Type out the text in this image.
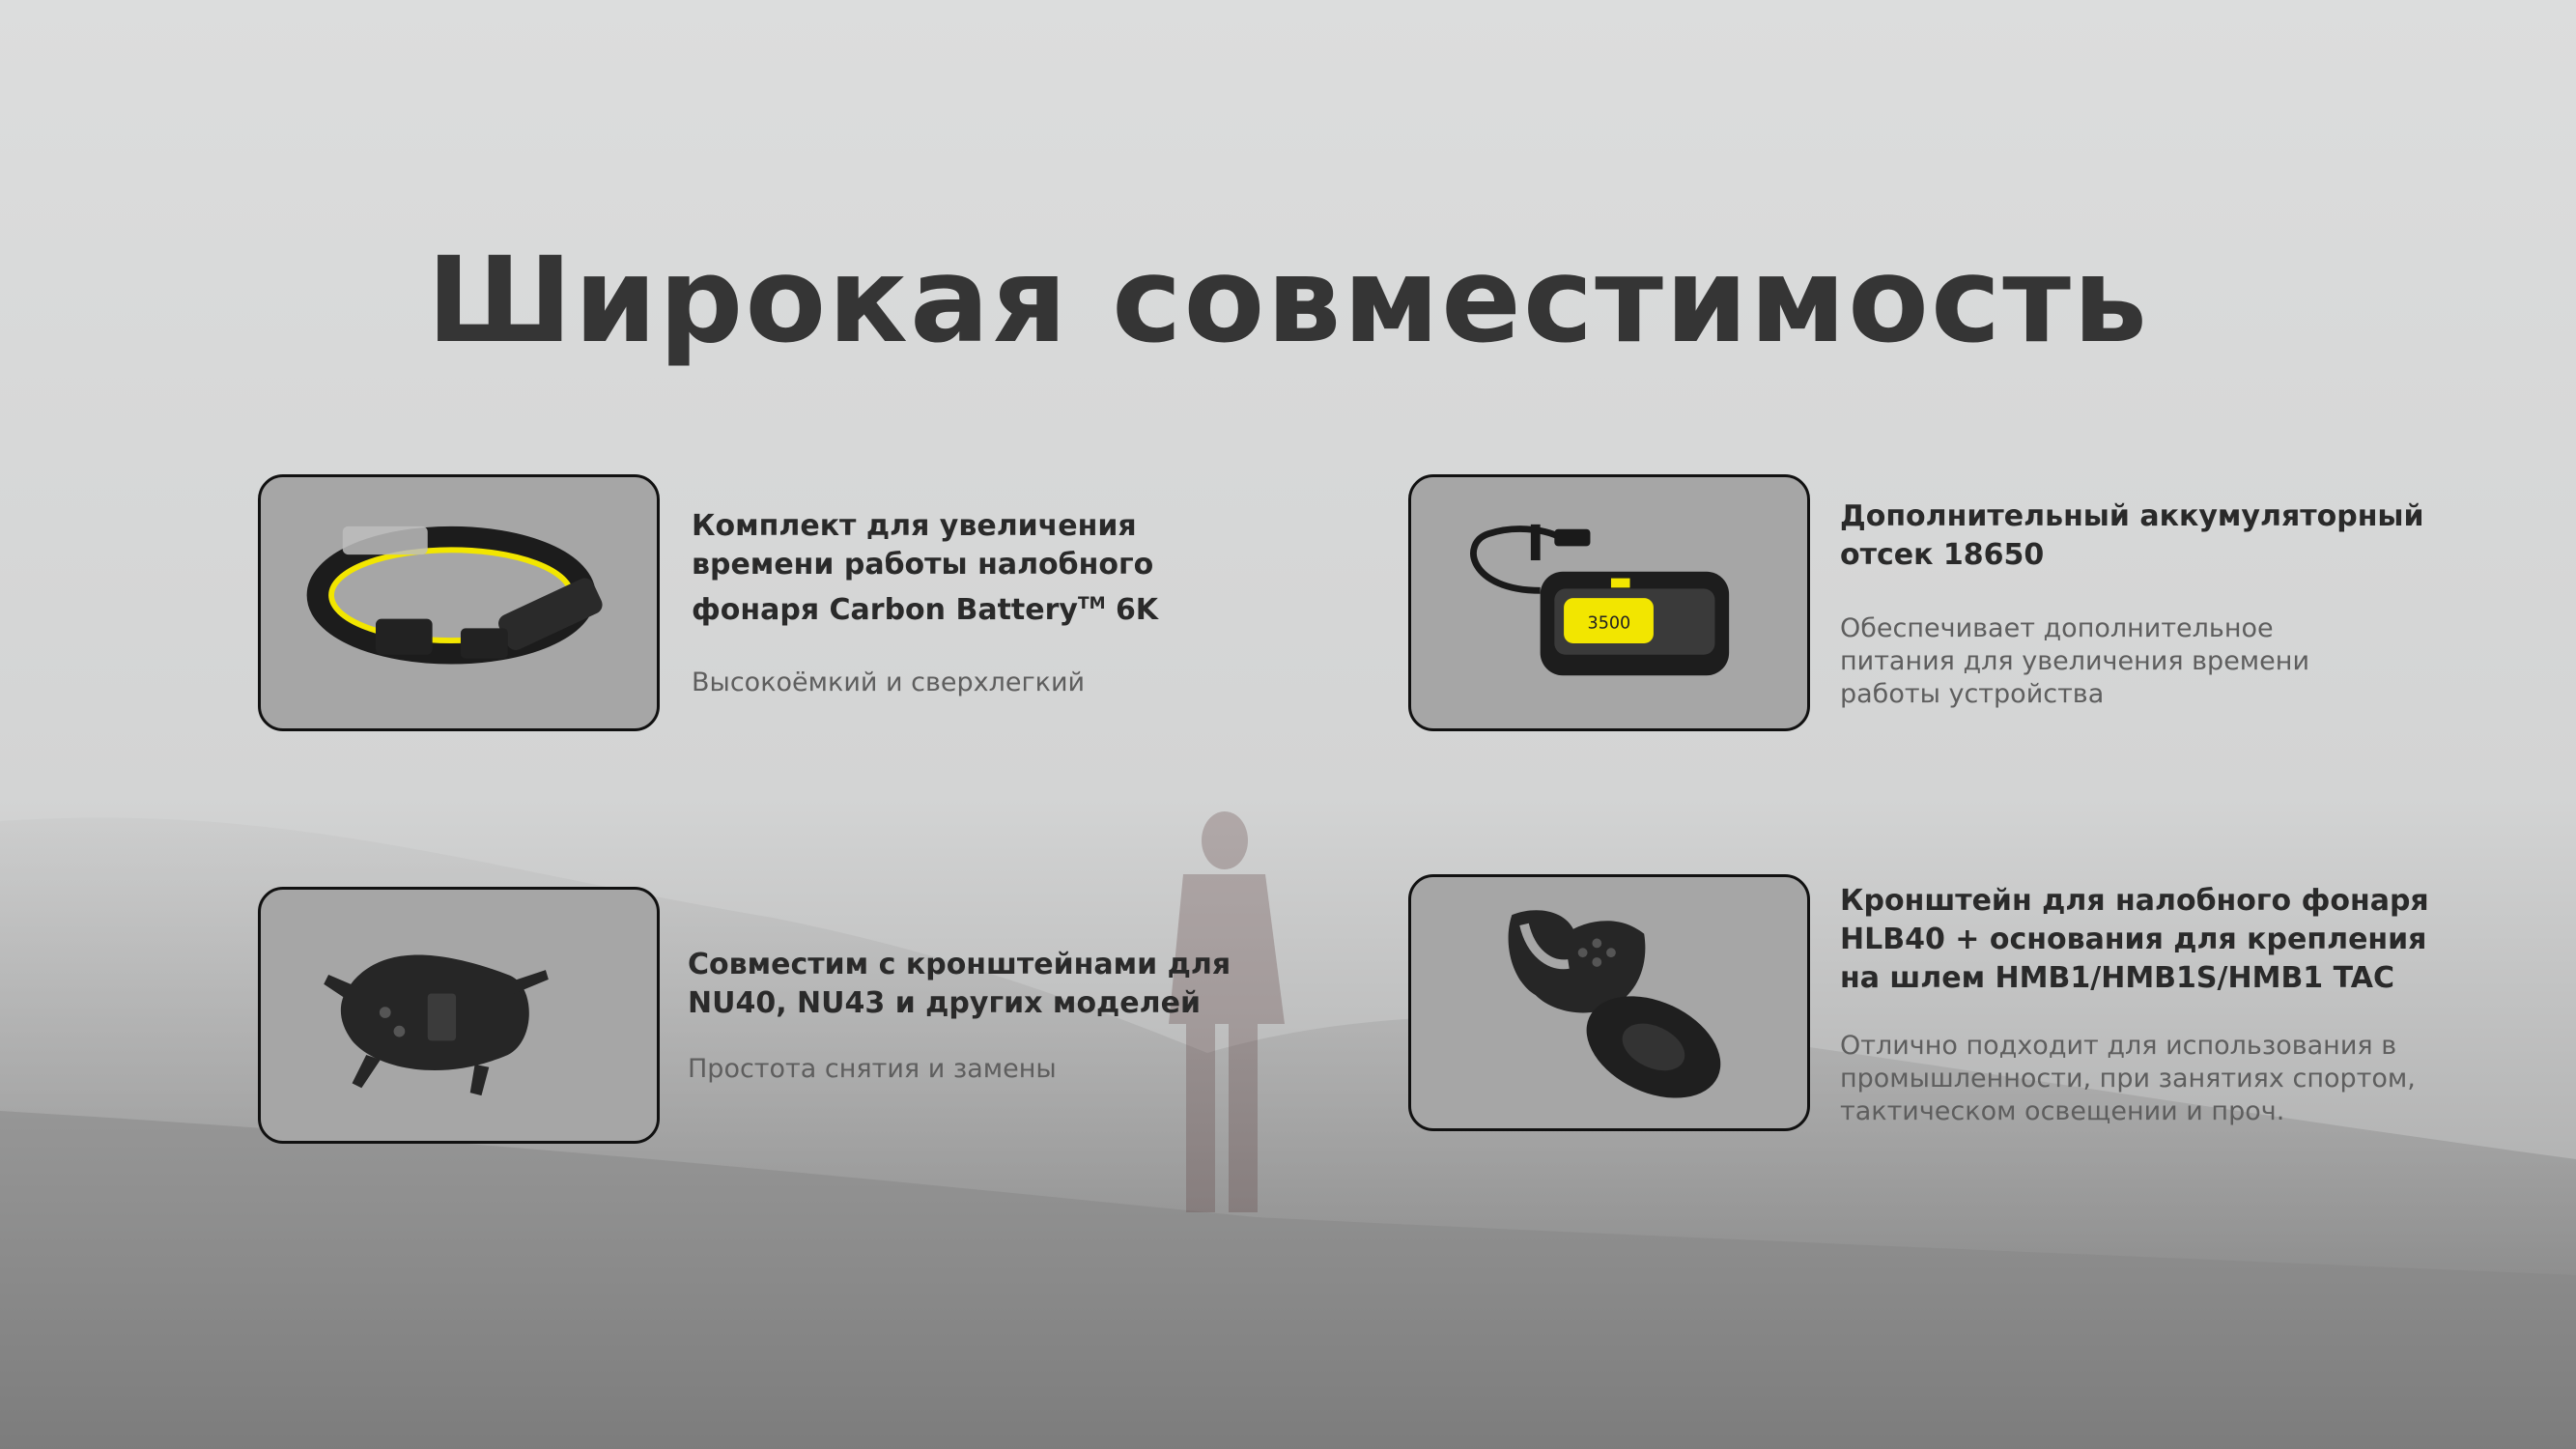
Широкая совместимость

Комплект для увеличения
времени работы налобного
фонаря Carbon Battery™ 6K

Высокоёмкий и сверхлегкий

3500

Дополнительный аккумуляторный
отсек 18650

Обеспечивает дополнительное
питания для увеличения времени
работы устройства

Совместим с кронштейнами для
NU40, NU43 и других моделей

Простота снятия и замены

Кронштейн для налобного фонаря
HLB40 + основания для крепления
на шлем HMB1/HMB1S/HMB1 TAC

Отлично подходит для использования в
промышленности, при занятиях спортом,
тактическом освещении и проч.
